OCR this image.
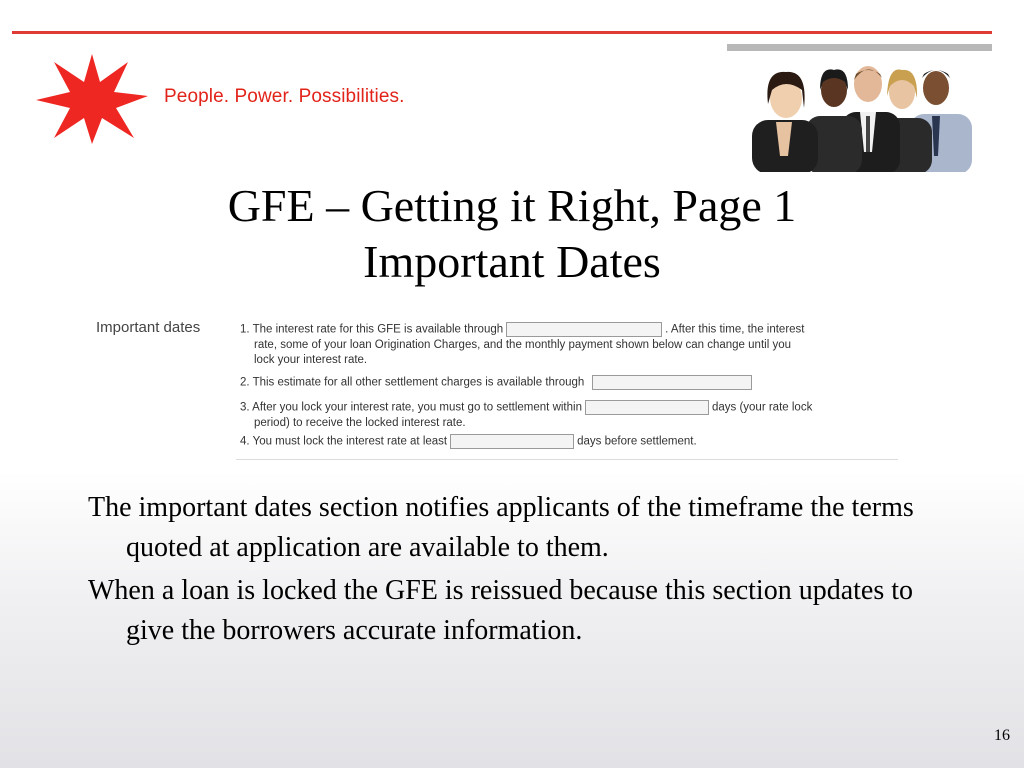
People. Power. Possibilities.
GFE – Getting it Right, Page 1
Important Dates
Important dates	1. The interest rate for this GFE is available through	. After this time, the interest
rate, some of your loan Origination Charges, and the monthly payment shown below can change until you
lock your interest rate.
2. This estimate for all other settlement charges is available through
3. After you lock your interest rate, you must go to settlement within	days (your rate lock
period) to receive the locked interest rate.
4. You must lock the interest rate at least	days before settlement.
The important dates section notifies applicants of the timeframe the terms quoted at application are available to them.
When a loan is locked the GFE is reissued because this section updates to give the borrowers accurate information.
16
